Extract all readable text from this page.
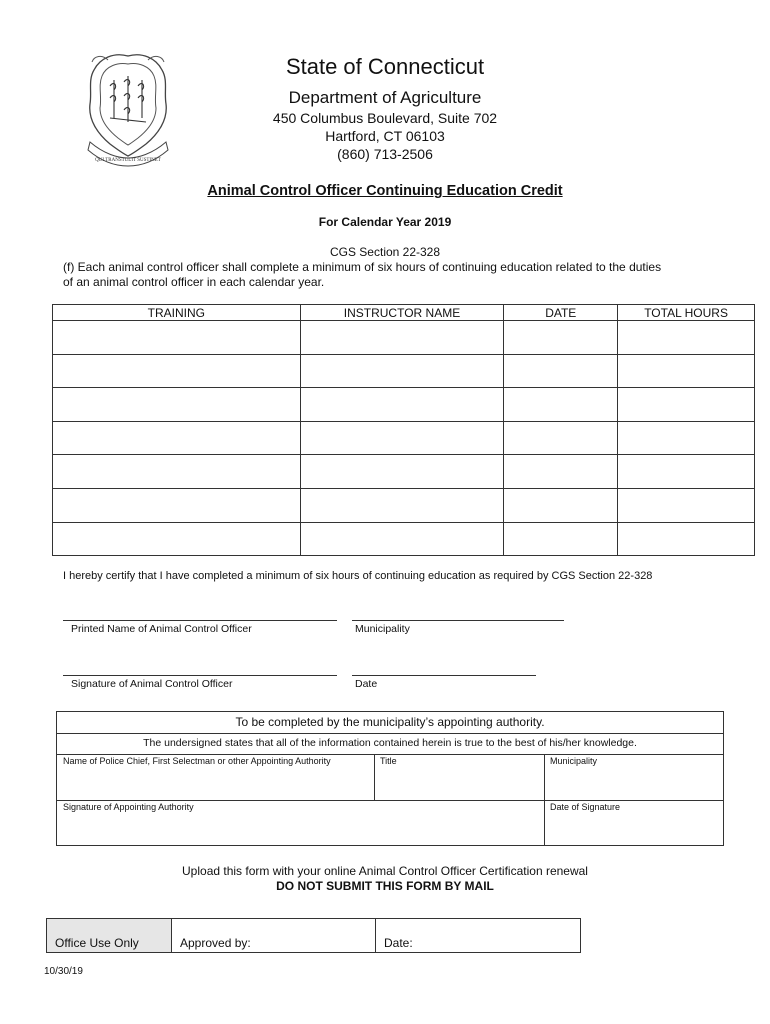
QUI TRANSTULIT SUSTINET
State of Connecticut
Department of Agriculture
450 Columbus Boulevard, Suite 702
Hartford, CT 06103
(860) 713-2506
Animal Control Officer Continuing Education Credit
For Calendar Year 2019
CGS Section 22-328
(f) Each animal control officer shall complete a minimum of six hours of continuing education related to the duties
of an animal control officer in each calendar year.
TRAINING	INSTRUCTOR NAME	DATE	TOTAL HOURS

I hereby certify that I have completed a minimum of six hours of continuing education as required by CGS Section 22-328
Printed Name of Animal Control Officer	Municipality
Signature of Animal Control Officer	Date
To be completed by the municipality’s appointing authority.
The undersigned states that all of the information contained herein is true to the best of his/her knowledge.
Name of Police Chief, First Selectman or other Appointing Authority	Title	Municipality
Signature of Appointing Authority	Date of Signature
Upload this form with your online Animal Control Officer Certification renewal
DO NOT SUBMIT THIS FORM BY MAIL
Office Use Only	Approved by:	Date:
10/30/19
